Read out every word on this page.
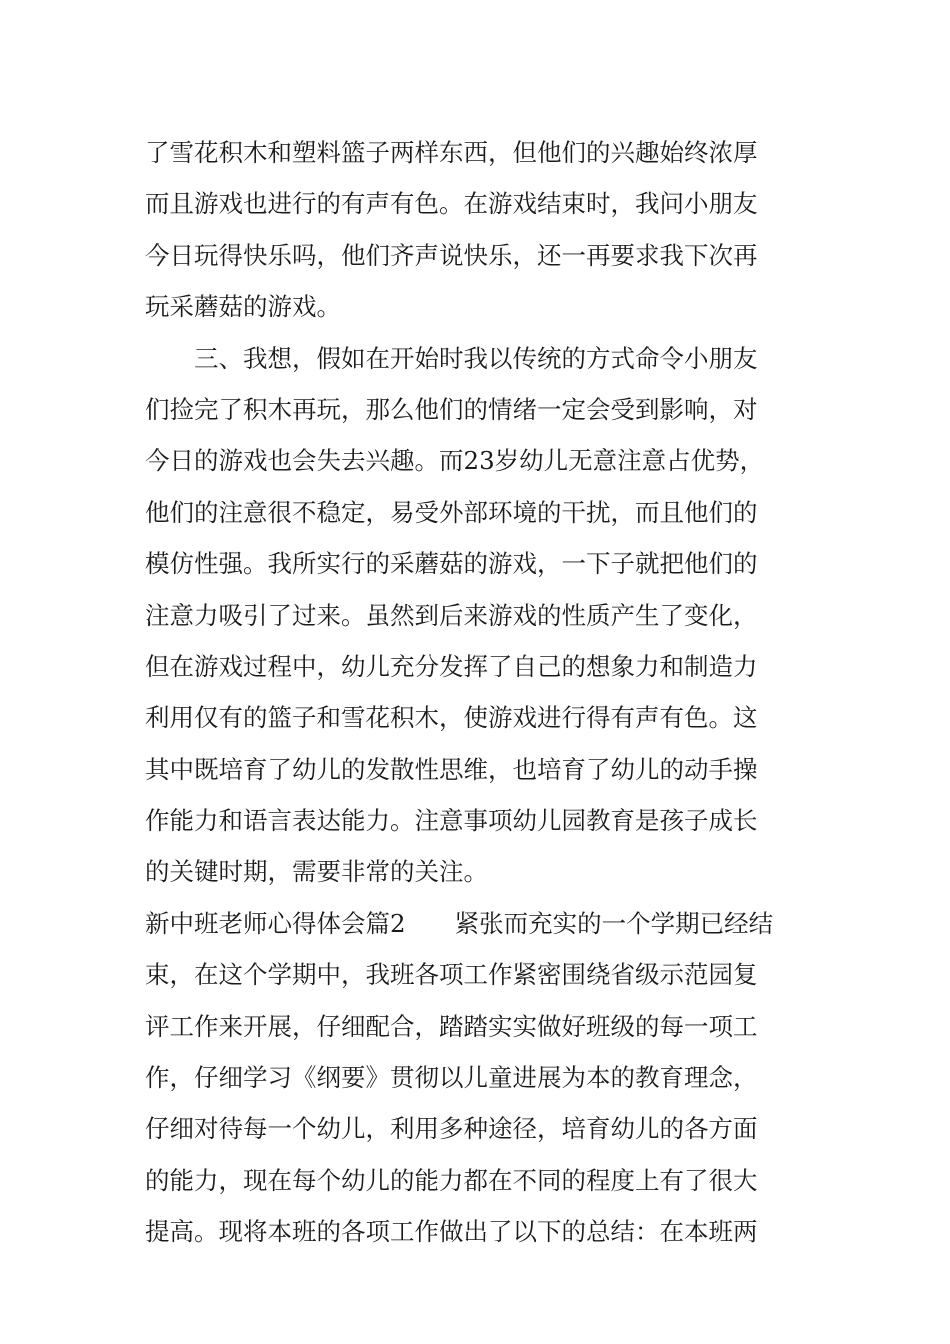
了雪花积木和塑料篮子两样东西，但他们的兴趣始终浓厚
而且游戏也进行的有声有色。在游戏结束时，我问小朋友
今日玩得快乐吗，他们齐声说快乐，还一再要求我下次再
玩采蘑菇的游戏。
　　三、我想，假如在开始时我以传统的方式命令小朋友
们捡完了积木再玩，那么他们的情绪一定会受到影响，对
今日的游戏也会失去兴趣。而23岁幼儿无意注意占优势，
他们的注意很不稳定，易受外部环境的干扰，而且他们的
模仿性强。我所实行的采蘑菇的游戏，一下子就把他们的
注意力吸引了过来。虽然到后来游戏的性质产生了变化，
但在游戏过程中，幼儿充分发挥了自己的想象力和制造力
利用仅有的篮子和雪花积木，使游戏进行得有声有色。这
其中既培育了幼儿的发散性思维，也培育了幼儿的动手操
作能力和语言表达能力。注意事项幼儿园教育是孩子成长
的关键时期，需要非常的关注。
新中班老师心得体会篇2　　紧张而充实的一个学期已经结
束，在这个学期中，我班各项工作紧密围绕省级示范园复
评工作来开展，仔细配合，踏踏实实做好班级的每一项工
作，仔细学习《纲要》贯彻以儿童进展为本的教育理念，
仔细对待每一个幼儿，利用多种途径，培育幼儿的各方面
的能力，现在每个幼儿的能力都在不同的程度上有了很大
提高。现将本班的各项工作做出了以下的总结：在本班两
